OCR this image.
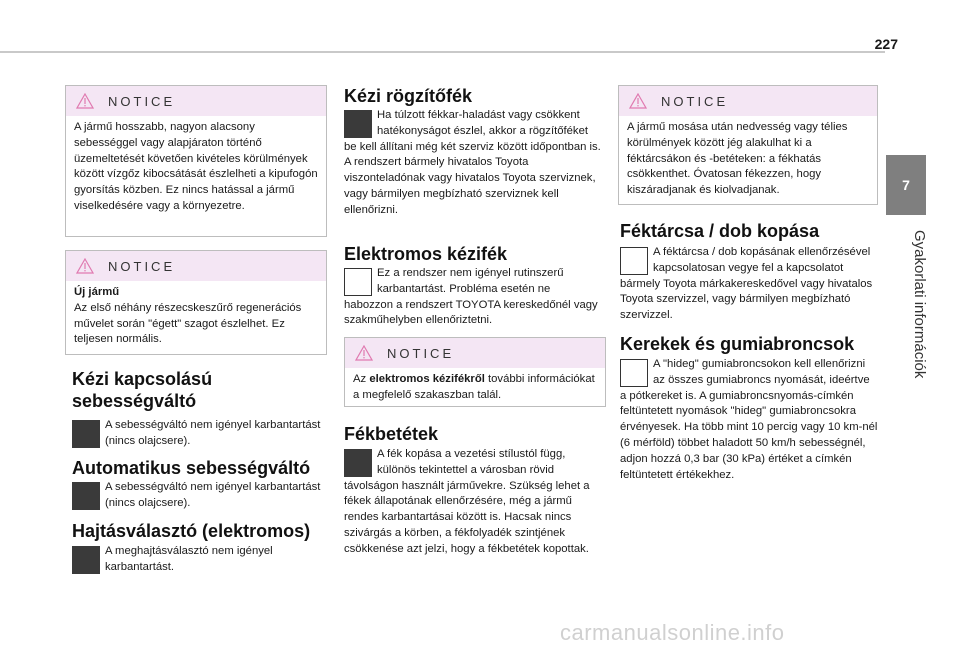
227
7
Gyakorlati információk
NOTICE
A jármű hosszabb, nagyon alacsony sebességgel vagy alapjáraton történő üzemeltetését követően kivételes körülmények között vízgőz kibocsátását észlelheti a kipufogón gyorsítás közben. Ez nincs hatással a jármű viselkedésére vagy a környezetre.
NOTICE
Új jármű
Az első néhány részecskeszűrő regenerációs művelet során "égett" szagot észlelhet. Ez teljesen normális.
Kézi kapcsolású sebességváltó
A sebességváltó nem igényel karbantartást (nincs olajcsere).
Automatikus sebességváltó
A sebességváltó nem igényel karbantartást (nincs olajcsere).
Hajtásválasztó (elektromos)
A meghajtásválasztó nem igényel karbantartást.
Kézi rögzítőfék
Ha túlzott fékkar-haladást vagy csökkent hatékonyságot észlel, akkor a rögzítőféket be kell állítani még két szerviz között időpontban is. A rendszert bármely hivatalos Toyota viszonteladónak vagy hivatalos Toyota szerviznek, vagy bármilyen megbízható szerviznek kell ellenőrizni.
Elektromos kézifék
Ez a rendszer nem igényel rutinszerű karbantartást. Probléma esetén ne habozzon a rendszert TOYOTA kereskedőnél vagy szakműhelyben ellenőriztetni.
NOTICE
Az elektromos kézifékről további információkat a megfelelő szakaszban talál.
Fékbetétek
A fék kopása a vezetési stílustól függ, különös tekintettel a városban rövid távolságon használt járművekre. Szükség lehet a fékek állapotának ellenőrzésére, még a jármű rendes karbantartásai között is. Hacsak nincs szivárgás a körben, a fékfolyadék szintjének csökkenése azt jelzi, hogy a fékbetétek kopottak.
NOTICE
A jármű mosása után nedvesség vagy télies körülmények között jég alakulhat ki a féktárcsákon és -betéteken: a fékhatás csökkenthet. Óvatosan fékezzen, hogy kiszáradjanak és kiolvadjanak.
Féktárcsa / dob kopása
A féktárcsa / dob kopásának ellenőrzésével kapcsolatosan vegye fel a kapcsolatot bármely Toyota márkakereskedővel vagy hivatalos Toyota szervizzel, vagy bármilyen megbízható szervizzel.
Kerekek és gumiabroncsok
A "hideg" gumiabroncsokon kell ellenőrizni az összes gumiabroncs nyomását, ideértve a pótkereket is. A gumiabroncsnyomás-címkén feltüntetett nyomások "hideg" gumiabroncsokra érvényesek. Ha több mint 10 percig vagy 10 km-nél (6 mérföld) többet haladott 50 km/h sebességnél, adjon hozzá 0,3 bar (30 kPa) értéket a címkén feltüntetett értékekhez.
carmanualsonline.info
